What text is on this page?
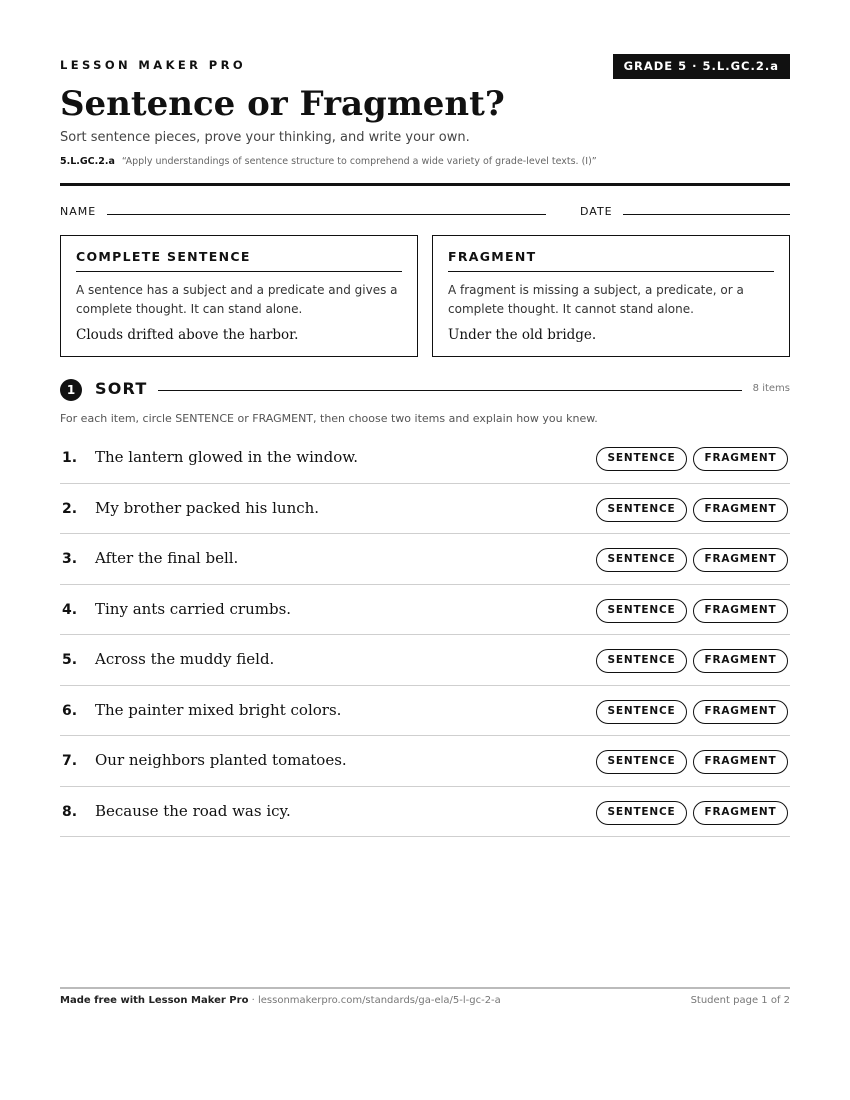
LESSON MAKER PRO	GRADE 5 · 5.L.GC.2.a
Sentence or Fragment?
Sort sentence pieces, prove your thinking, and write your own.
5.L.GC.2.a “Apply understandings of sentence structure to comprehend a wide variety of grade-level texts. (I)”
NAME	DATE
COMPLETE SENTENCE
A sentence has a subject and a predicate and gives a complete thought. It can stand alone.
Clouds drifted above the harbor.
FRAGMENT
A fragment is missing a subject, a predicate, or a complete thought. It cannot stand alone.
Under the old bridge.
1	SORT	8 items
For each item, circle SENTENCE or FRAGMENT, then choose two items and explain how you knew.
1. The lantern glowed in the window.	SENTENCE	FRAGMENT
2. My brother packed his lunch.	SENTENCE	FRAGMENT
3. After the final bell.	SENTENCE	FRAGMENT
4. Tiny ants carried crumbs.	SENTENCE	FRAGMENT
5. Across the muddy field.	SENTENCE	FRAGMENT
6. The painter mixed bright colors.	SENTENCE	FRAGMENT
7. Our neighbors planted tomatoes.	SENTENCE	FRAGMENT
8. Because the road was icy.	SENTENCE	FRAGMENT
Made free with Lesson Maker Pro · lessonmakerpro.com/standards/ga-ela/5-l-gc-2-a	Student page 1 of 2
